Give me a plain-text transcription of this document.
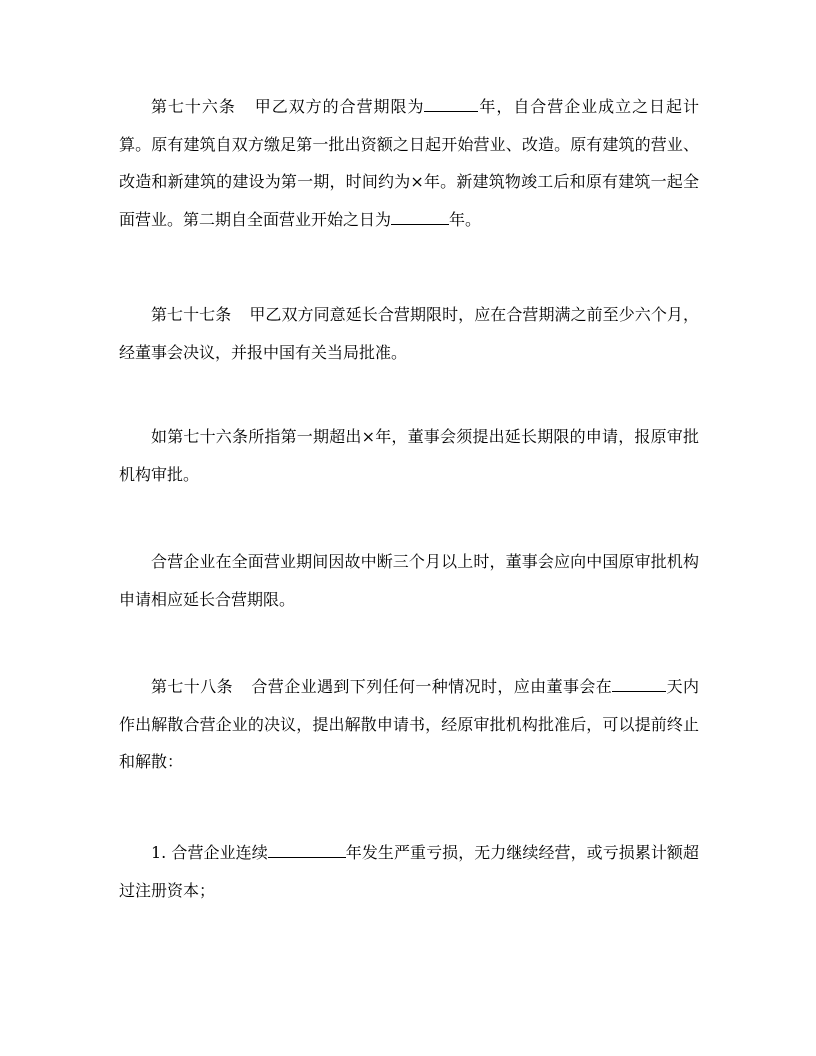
第七十六条 甲乙双方的合营期限为	年，自合营企业成立之日起计算。原有建筑自双方缴足第一批出资额之日起开始营业、改造。原有建筑的营业、改造和新建筑的建设为第一期，时间约为×年。新建筑物竣工后和原有建筑一起全面营业。第二期自全面营业开始之日为	年。

第七十七条 甲乙双方同意延长合营期限时，应在合营期满之前至少六个月，经董事会决议，并报中国有关当局批准。

如第七十六条所指第一期超出×年，董事会须提出延长期限的申请，报原审批机构审批。

合营企业在全面营业期间因故中断三个月以上时，董事会应向中国原审批机构申请相应延长合营期限。

第七十八条 合营企业遇到下列任何一种情况时，应由董事会在	天内作出解散合营企业的决议，提出解散申请书，经原审批机构批准后，可以提前终止和解散：

1. 合营企业连续	年发生严重亏损，无力继续经营，或亏损累计额超过注册资本；
